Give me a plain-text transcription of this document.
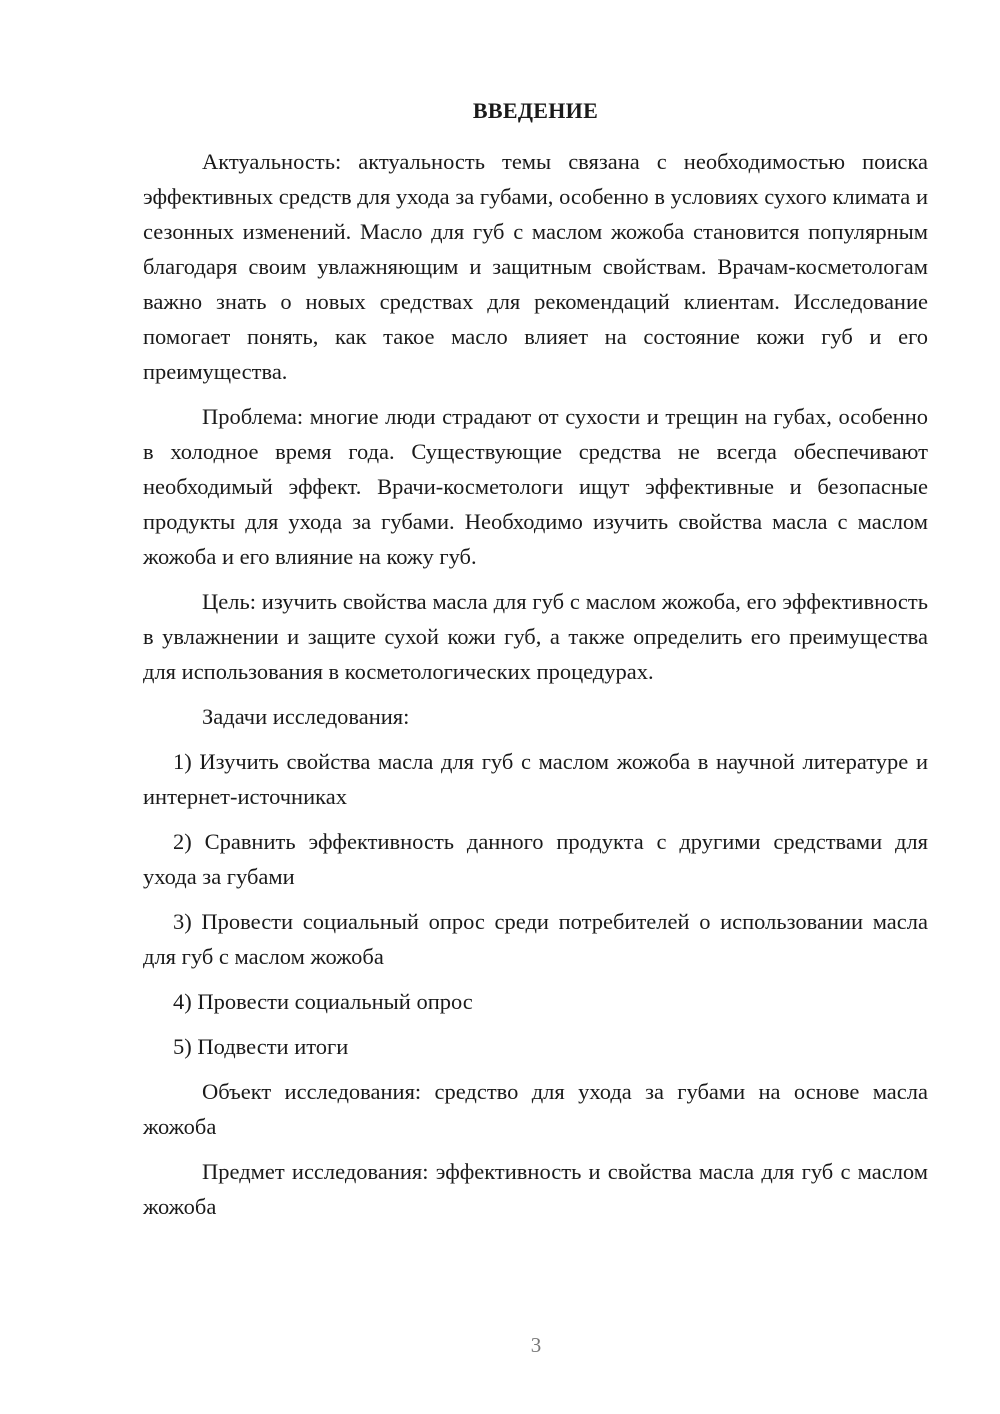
ВВЕДЕНИЕ

Актуальность: актуальность темы связана с необходимостью поиска эффективных средств для ухода за губами, особенно в условиях сухого климата и сезонных изменений. Масло для губ с маслом жожоба становится популярным благодаря своим увлажняющим и защитным свойствам. Врачам-косметологам важно знать о новых средствах для рекомендаций клиентам. Исследование помогает понять, как такое масло влияет на состояние кожи губ и его преимущества.

Проблема: многие люди страдают от сухости и трещин на губах, особенно в холодное время года. Существующие средства не всегда обеспечивают необходимый эффект. Врачи-косметологи ищут эффективные и безопасные продукты для ухода за губами. Необходимо изучить свойства масла с маслом жожоба и его влияние на кожу губ.

Цель: изучить свойства масла для губ с маслом жожоба, его эффективность в увлажнении и защите сухой кожи губ, а также определить его преимущества для использования в косметологических процедурах.

Задачи исследования:

1) Изучить свойства масла для губ с маслом жожоба в научной литературе и интернет-источниках

2) Сравнить эффективность данного продукта с другими средствами для ухода за губами

3) Провести социальный опрос среди потребителей о использовании масла для губ с маслом жожоба

4) Провести социальный опрос

5) Подвести итоги

Объект исследования: средство для ухода за губами на основе масла жожоба

Предмет исследования: эффективность и свойства масла для губ с маслом жожоба

3
